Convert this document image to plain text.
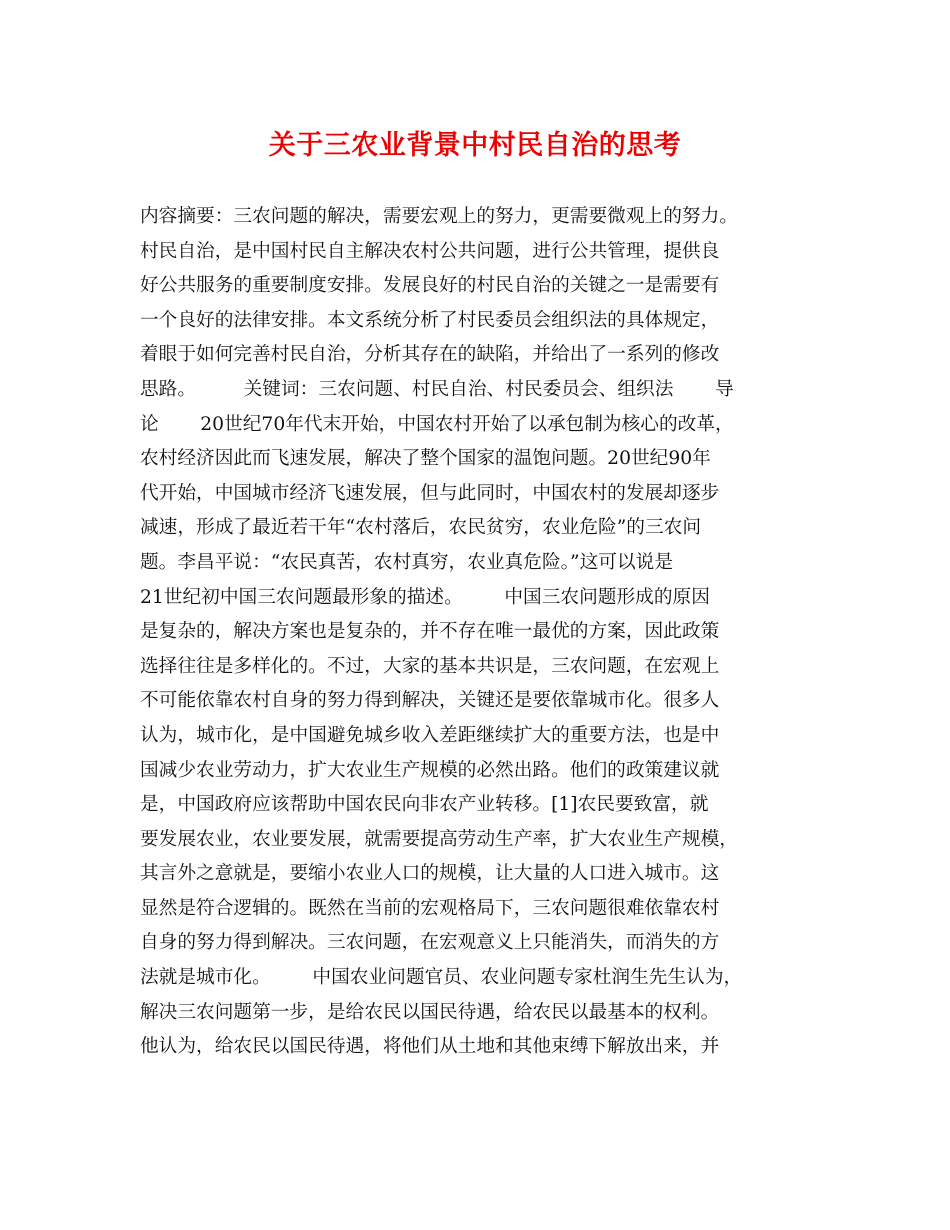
关于三农业背景中村民自治的思考
内容摘要：三农问题的解决，需要宏观上的努力，更需要微观上的努力。
村民自治，是中国村民自主解决农村公共问题，进行公共管理，提供良
好公共服务的重要制度安排。发展良好的村民自治的关键之一是需要有
一个良好的法律安排。本文系统分析了村民委员会组织法的具体规定，
着眼于如何完善村民自治，分析其存在的缺陷，并给出了一系列的修改
思路。        关键词：三农问题、村民自治、村民委员会、组织法       导
论       20世纪70年代末开始，中国农村开始了以承包制为核心的改革，
农村经济因此而飞速发展，解决了整个国家的温饱问题。20世纪90年
代开始，中国城市经济飞速发展，但与此同时，中国农村的发展却逐步
减速，形成了最近若干年“农村落后，农民贫穷，农业危险”的三农问
题。李昌平说：“农民真苦，农村真穷，农业真危险。”这可以说是
21世纪初中国三农问题最形象的描述。       中国三农问题形成的原因
是复杂的，解决方案也是复杂的，并不存在唯一最优的方案，因此政策
选择往往是多样化的。不过，大家的基本共识是，三农问题，在宏观上
不可能依靠农村自身的努力得到解决，关键还是要依靠城市化。很多人
认为，城市化，是中国避免城乡收入差距继续扩大的重要方法，也是中
国减少农业劳动力，扩大农业生产规模的必然出路。他们的政策建议就
是，中国政府应该帮助中国农民向非农产业转移。[1]农民要致富，就
要发展农业，农业要发展，就需要提高劳动生产率，扩大农业生产规模，
其言外之意就是，要缩小农业人口的规模，让大量的人口进入城市。这
显然是符合逻辑的。既然在当前的宏观格局下，三农问题很难依靠农村
自身的努力得到解决。三农问题，在宏观意义上只能消失，而消失的方
法就是城市化。       中国农业问题官员、农业问题专家杜润生先生认为，
解决三农问题第一步，是给农民以国民待遇，给农民以最基本的权利。
他认为，给农民以国民待遇，将他们从土地和其他束缚下解放出来，并
